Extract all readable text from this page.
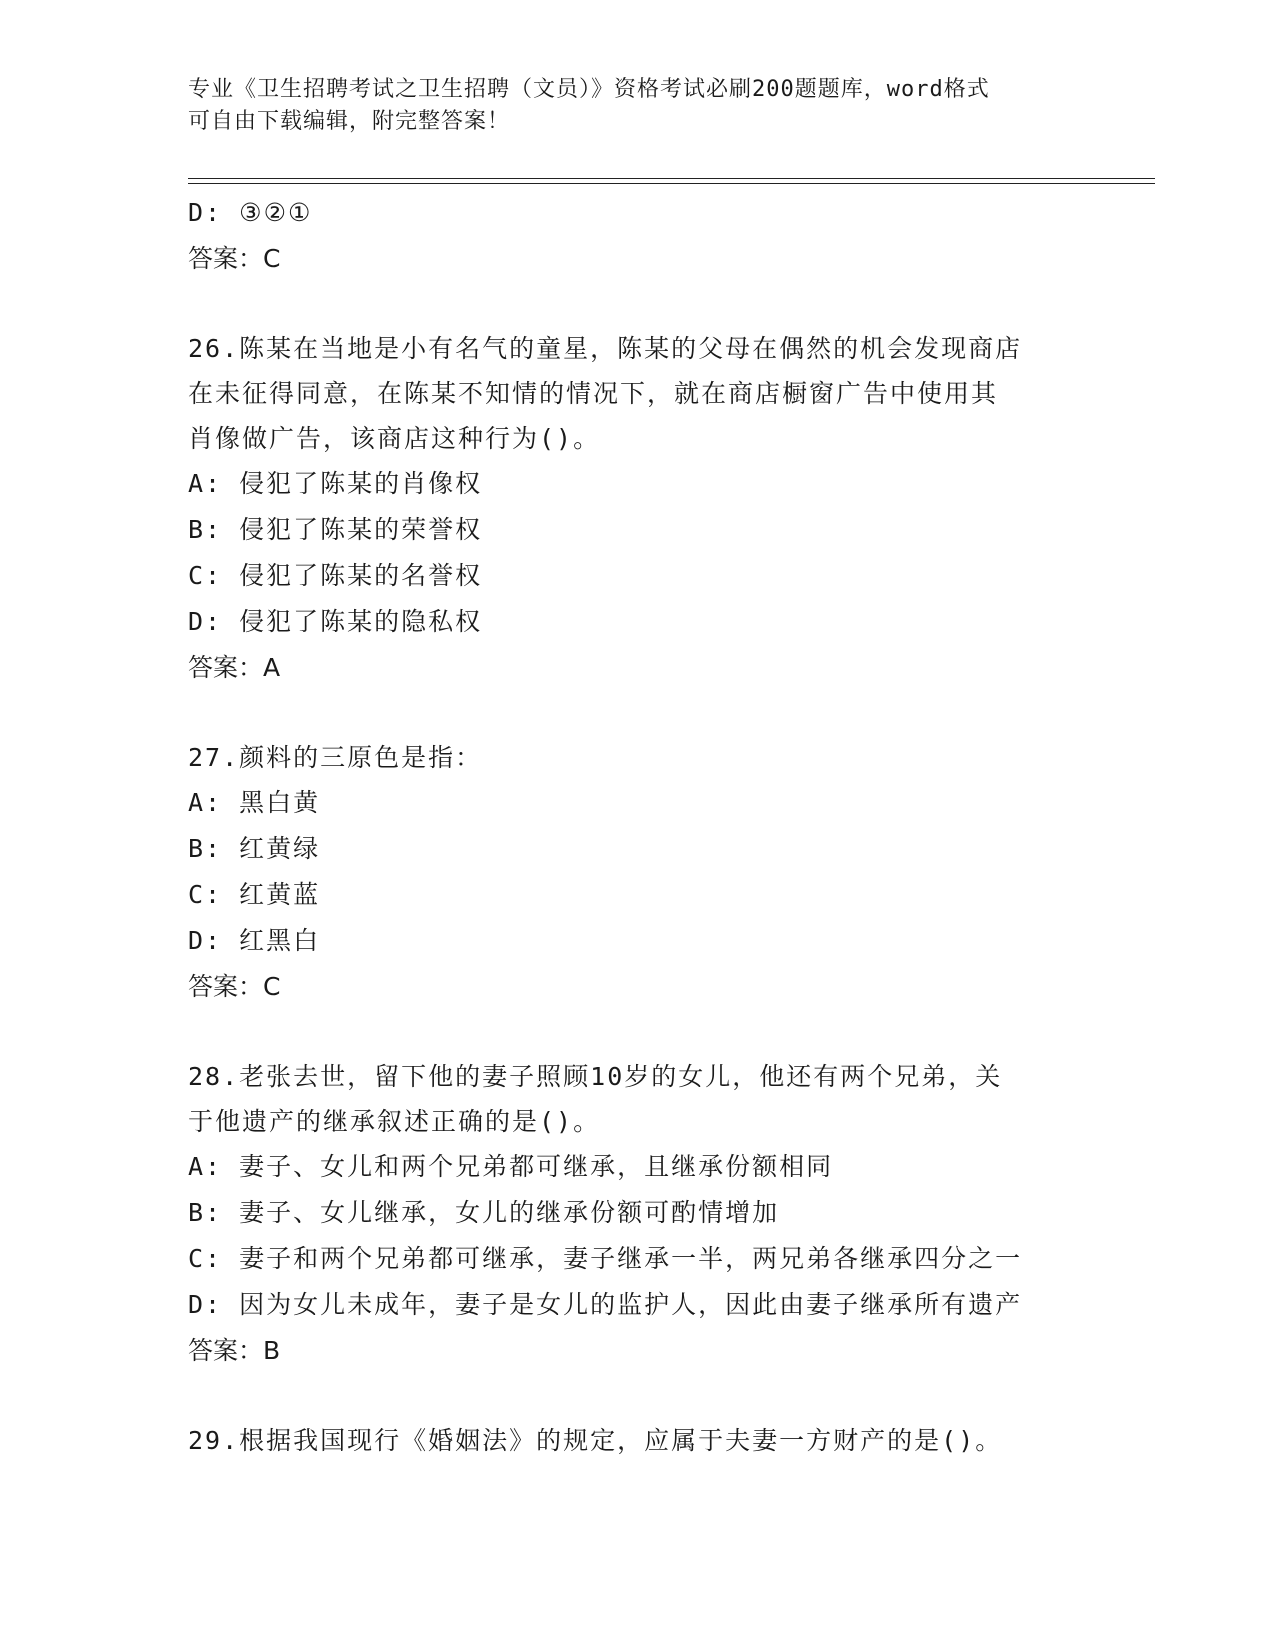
专业《卫生招聘考试之卫生招聘（文员）》资格考试必刷200题题库，word格式
可自由下载编辑，附完整答案！
D: ③②①
答案：C
26.陈某在当地是小有名气的童星，陈某的父母在偶然的机会发现商店
在未征得同意，在陈某不知情的情况下，就在商店橱窗广告中使用其
肖像做广告，该商店这种行为()。
A: 侵犯了陈某的肖像权
B: 侵犯了陈某的荣誉权
C: 侵犯了陈某的名誉权
D: 侵犯了陈某的隐私权
答案：A
27.颜料的三原色是指：
A: 黑白黄
B: 红黄绿
C: 红黄蓝
D: 红黑白
答案：C
28.老张去世，留下他的妻子照顾10岁的女儿，他还有两个兄弟，关
于他遗产的继承叙述正确的是()。
A: 妻子、女儿和两个兄弟都可继承，且继承份额相同
B: 妻子、女儿继承，女儿的继承份额可酌情增加
C: 妻子和两个兄弟都可继承，妻子继承一半，两兄弟各继承四分之一
D: 因为女儿未成年，妻子是女儿的监护人，因此由妻子继承所有遗产
答案：B
29.根据我国现行《婚姻法》的规定，应属于夫妻一方财产的是()。
